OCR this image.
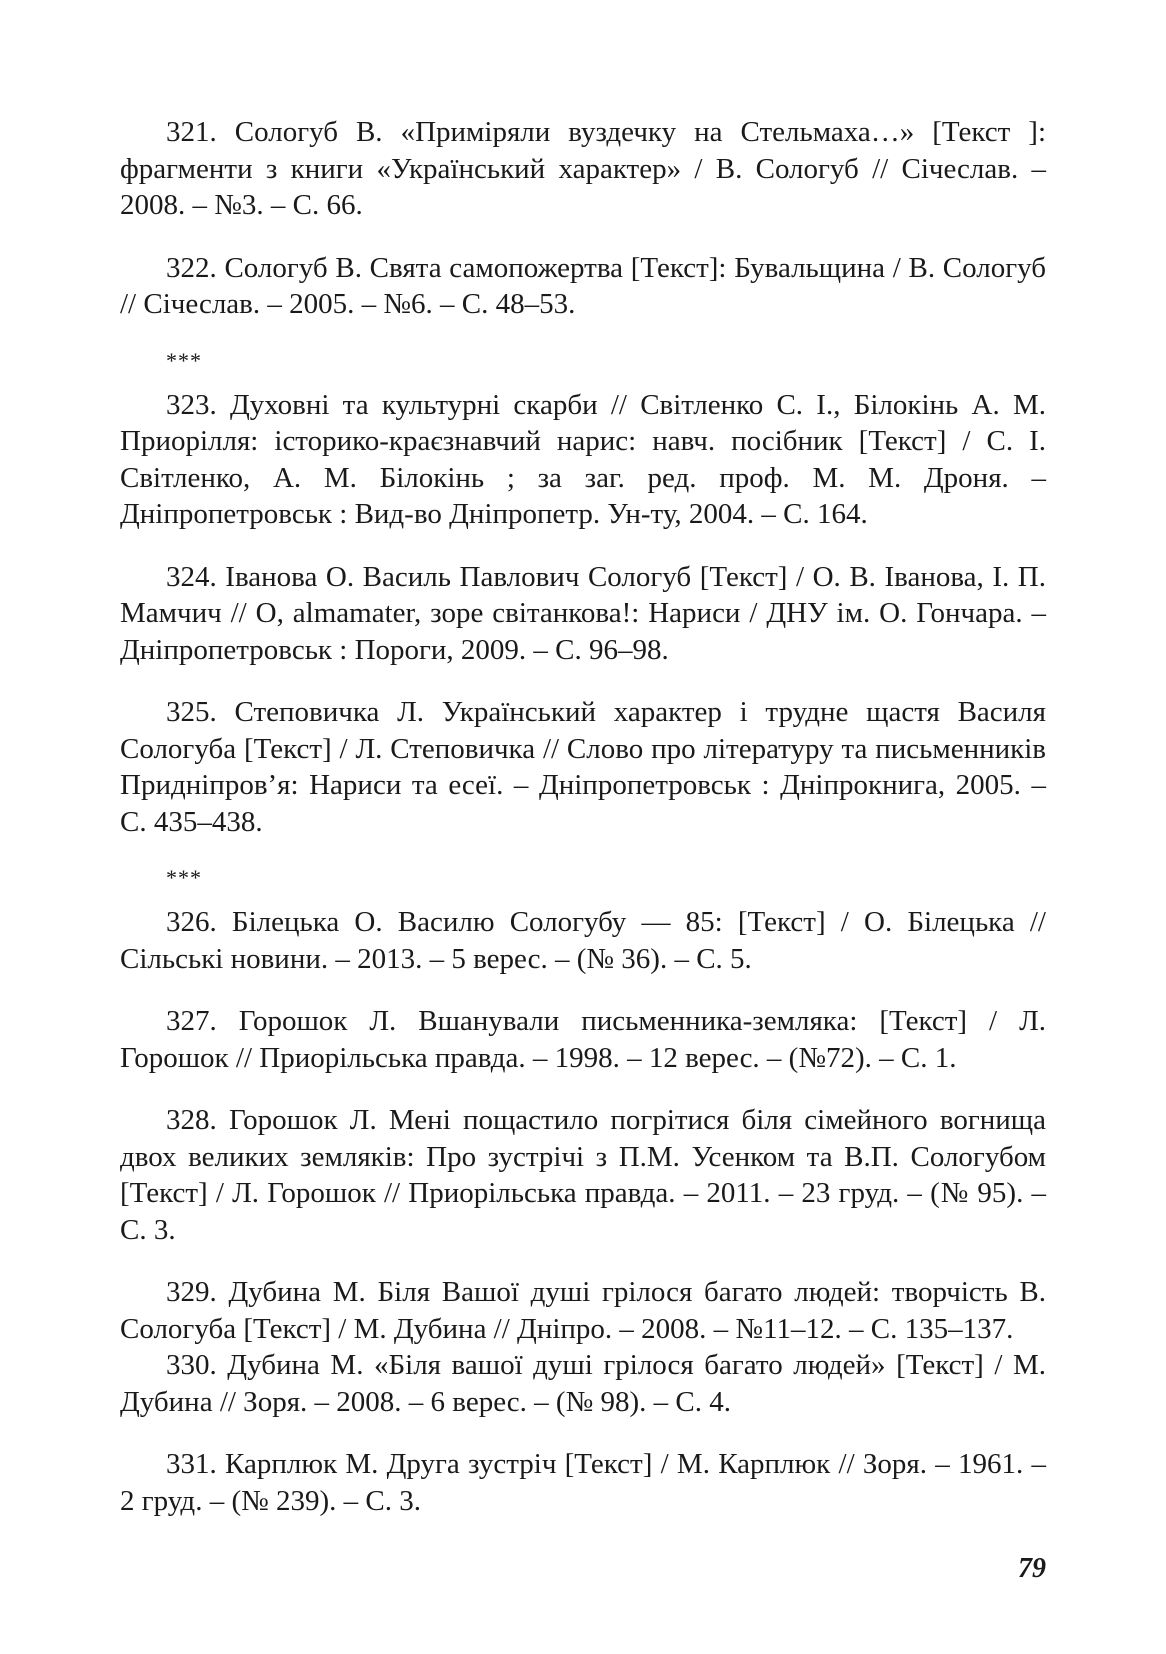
321. Сологуб В. «Приміряли вуздечку на Стельмаха…» [Текст ]: фрагменти з книги «Український характер» / В. Сологуб // Січеслав. – 2008. – №3. – С. 66.

322. Сологуб В. Свята самопожертва [Текст]: Бувальщина / В. Сологуб // Січеслав. – 2005. – №6. – С. 48–53.

***

323. Духовні та культурні скарби // Світленко С. І., Білокінь А. М. Приорілля: історико-краєзнавчий нарис: навч. посібник [Текст] / С. І. Світленко, А. М. Білокінь ; за заг. ред. проф. М. М. Дроня. – Дніпропетровськ : Вид-во Дніпропетр. Ун-ту, 2004. – С. 164.

324. Іванова О. Василь Павлович Сологуб [Текст] / О. В. Іванова, І. П. Мамчич // О, almamater, зоре світанкова!: Нариси / ДНУ ім. О. Гончара. – Дніпропетровськ : Пороги, 2009. – С. 96–98.

325. Степовичка Л. Український характер і трудне щастя Василя Сологуба [Текст] / Л. Степовичка // Слово про літературу та письменників Придніпров’я: Нариси та есеї. – Дніпропетровськ : Дніпрокнига, 2005. – С. 435–438.

***

326. Білецька О. Василю Сологубу — 85: [Текст] / О. Білецька // Сільські новини. – 2013. – 5 верес. – (№ 36). – С. 5.

327. Горошок Л. Вшанували письменника-земляка: [Текст] / Л. Горошок // Приорільська правда. – 1998. – 12 верес. – (№72). – С. 1.

328. Горошок Л. Мені пощастило погрітися біля сімейного вогнища двох великих земляків: Про зустрічі з П.М. Усенком та В.П. Сологубом [Текст] / Л. Горошок // Приорільська правда. – 2011. – 23 груд. – (№ 95). – С. 3.

329. Дубина М. Біля Вашої душі грілося багато людей: творчість В. Сологуба [Текст] / М. Дубина // Дніпро. – 2008. – №11–12. – С. 135–137.

330. Дубина М. «Біля вашої душі грілося багато людей» [Текст] / М. Дубина // Зоря. – 2008. – 6 верес. – (№ 98). – С. 4.

331. Карплюк М. Друга зустріч [Текст] / М. Карплюк // Зоря. – 1961. – 2 груд. – (№ 239). – С. 3.

79
